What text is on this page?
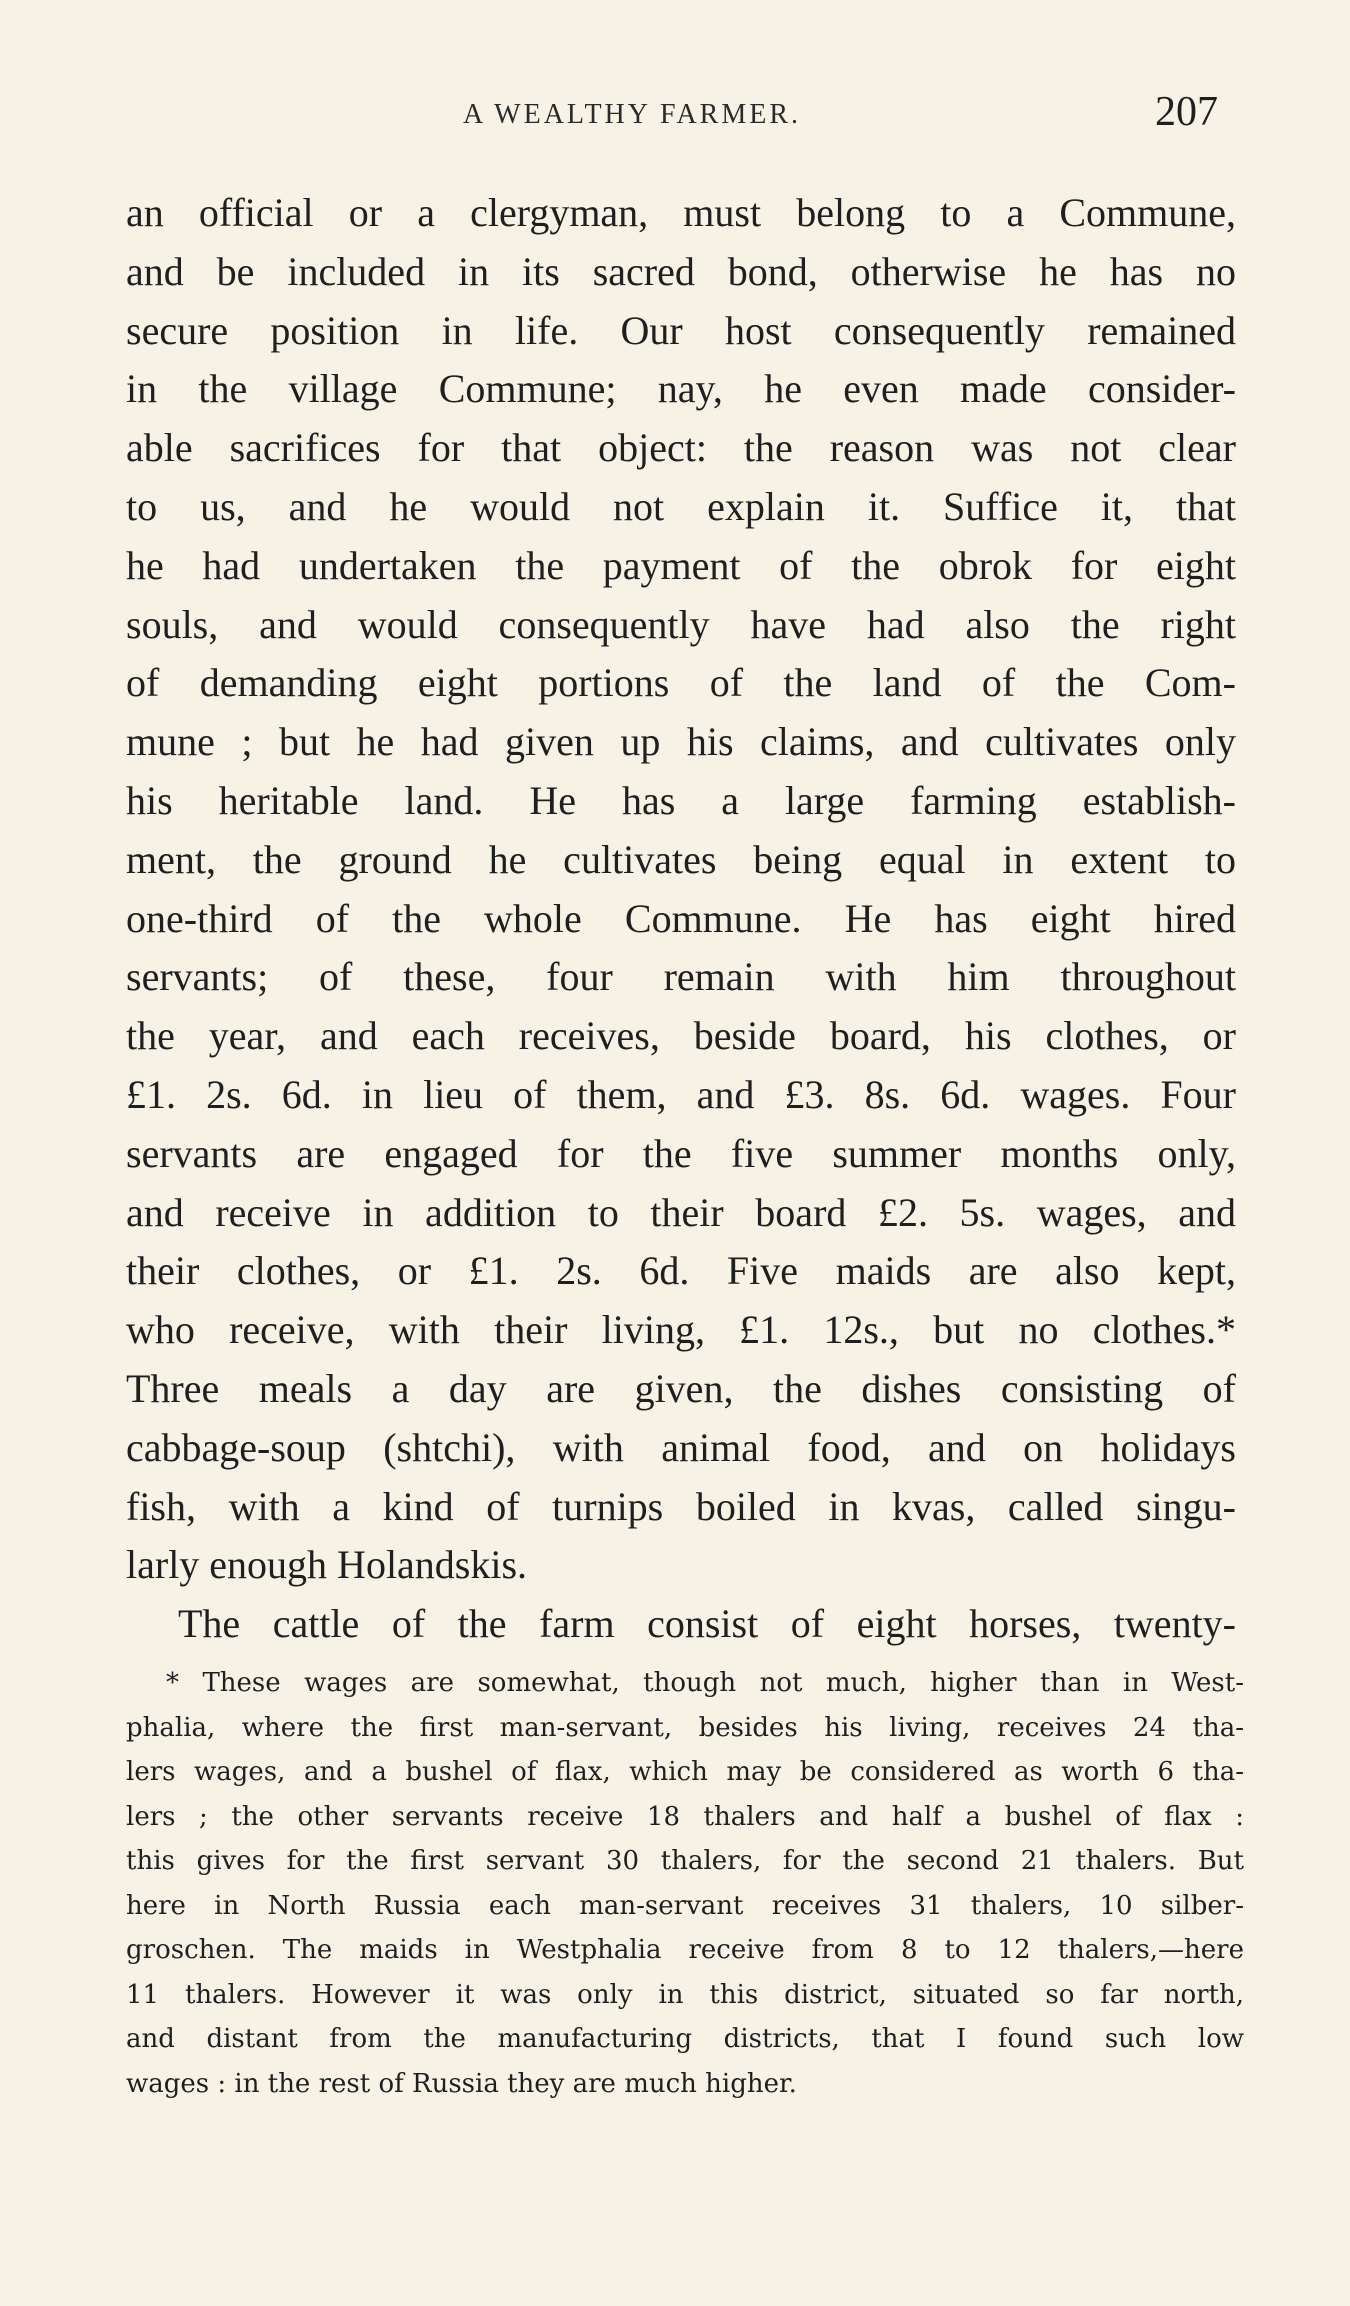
A WEALTHY FARMER.	207
an official or a clergyman, must belong to a Commune,
and be included in its sacred bond, otherwise he has no
secure position in life. Our host consequently remained
in the village Commune; nay, he even made consider-
able sacrifices for that object: the reason was not clear
to us, and he would not explain it. Suffice it, that
he had undertaken the payment of the obrok for eight
souls, and would consequently have had also the right
of demanding eight portions of the land of the Com-
mune ; but he had given up his claims, and cultivates only
his heritable land. He has a large farming establish-
ment, the ground he cultivates being equal in extent to
one-third of the whole Commune. He has eight hired
servants; of these, four remain with him throughout
the year, and each receives, beside board, his clothes, or
£1. 2s. 6d. in lieu of them, and £3. 8s. 6d. wages. Four
servants are engaged for the five summer months only,
and receive in addition to their board £2. 5s. wages, and
their clothes, or £1. 2s. 6d. Five maids are also kept,
who receive, with their living, £1. 12s., but no clothes.*
Three meals a day are given, the dishes consisting of
cabbage-soup (shtchi), with animal food, and on holidays
fish, with a kind of turnips boiled in kvas, called singu-
larly enough Holandskis.
The cattle of the farm consist of eight horses, twenty-
* These wages are somewhat, though not much, higher than in West-
phalia, where the first man-servant, besides his living, receives 24 tha-
lers wages, and a bushel of flax, which may be considered as worth 6 tha-
lers ; the other servants receive 18 thalers and half a bushel of flax :
this gives for the first servant 30 thalers, for the second 21 thalers. But
here in North Russia each man-servant receives 31 thalers, 10 silber-
groschen. The maids in Westphalia receive from 8 to 12 thalers,—here
11 thalers. However it was only in this district, situated so far north,
and distant from the manufacturing districts, that I found such low
wages : in the rest of Russia they are much higher.
